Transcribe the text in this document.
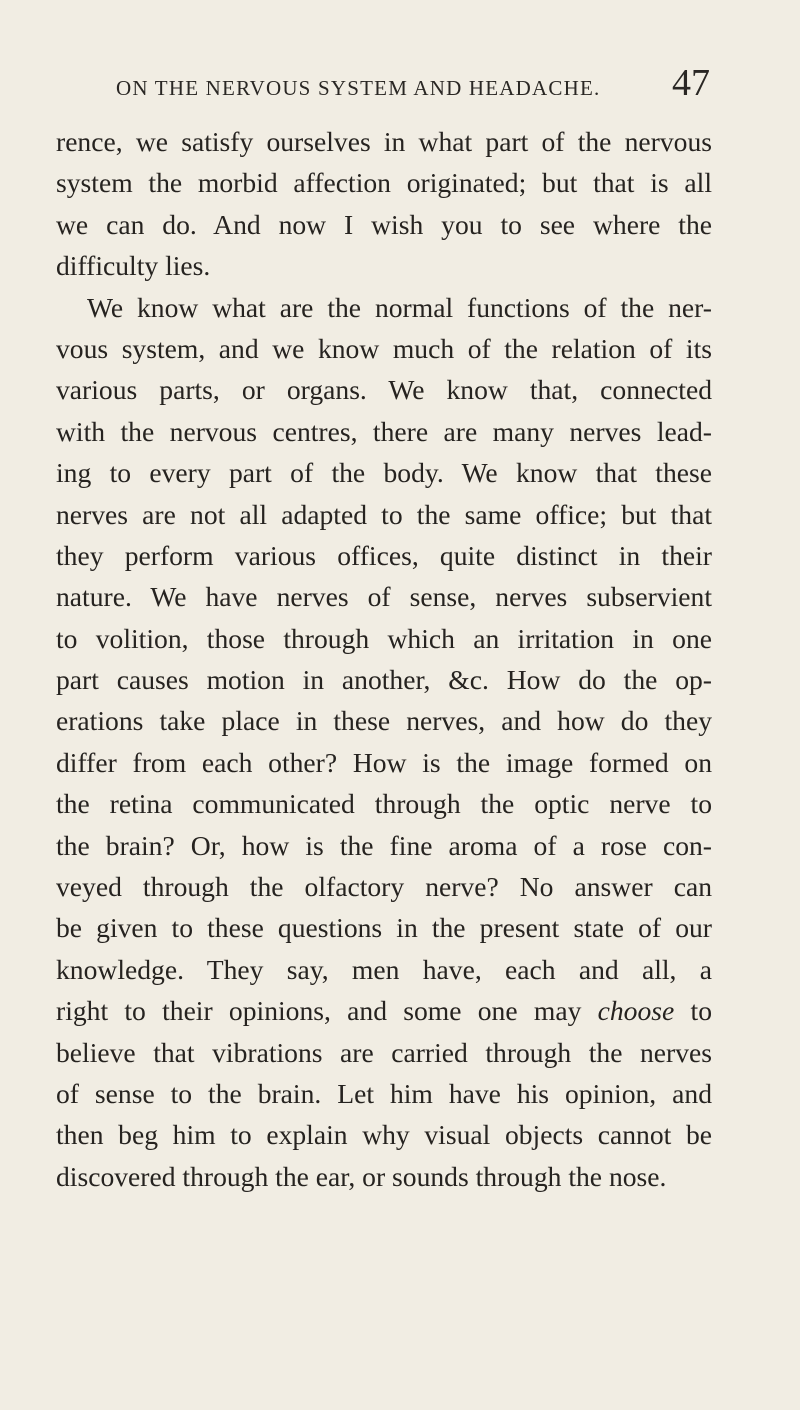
ON THE NERVOUS SYSTEM AND HEADACHE. 47
rence, we satisfy ourselves in what part of the nervous
system the morbid affection originated; but that is all
we can do. And now I wish you to see where the
difficulty lies.
We know what are the normal functions of the ner-
vous system, and we know much of the relation of its
various parts, or organs. We know that, connected
with the nervous centres, there are many nerves lead-
ing to every part of the body. We know that these
nerves are not all adapted to the same office; but that
they perform various offices, quite distinct in their
nature. We have nerves of sense, nerves subservient
to volition, those through which an irritation in one
part causes motion in another, &c. How do the op-
erations take place in these nerves, and how do they
differ from each other? How is the image formed on
the retina communicated through the optic nerve to
the brain? Or, how is the fine aroma of a rose con-
veyed through the olfactory nerve? No answer can
be given to these questions in the present state of our
knowledge. They say, men have, each and all, a
right to their opinions, and some one may choose to
believe that vibrations are carried through the nerves
of sense to the brain. Let him have his opinion, and
then beg him to explain why visual objects cannot be
discovered through the ear, or sounds through the nose.
